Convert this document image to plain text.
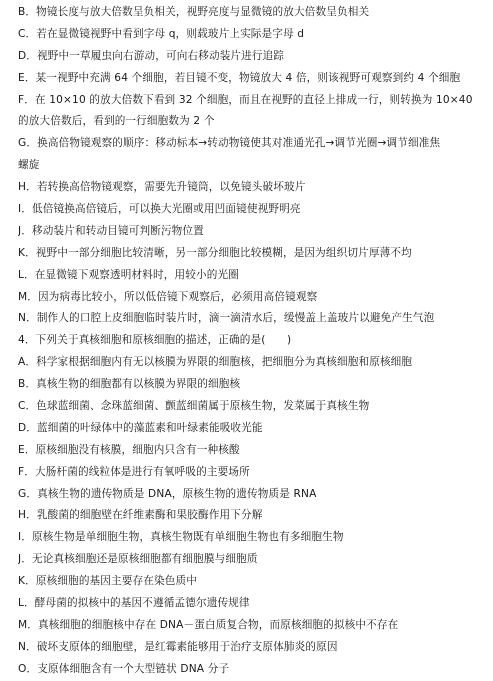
B．物镜长度与放大倍数呈负相关，视野亮度与显微镜的放大倍数呈负相关
C．若在显微镜视野中看到字母 q，则载玻片上实际是字母 d
D．视野中一草履虫向右游动，可向右移动装片进行追踪
E．某一视野中充满 64 个细胞，若目镜不变，物镜放大 4 倍，则该视野可观察到约 4 个细胞
F．在 10×10 的放大倍数下看到 32 个细胞，而且在视野的直径上排成一行，则转换为 10×40
的放大倍数后，看到的一行细胞数为 2 个
G．换高倍物镜观察的顺序：移动标本→转动物镜使其对准通光孔→调节光圈→调节细准焦
螺旋
H．若转换高倍物镜观察，需要先升镜筒，以免镜头破坏玻片
I．低倍镜换高倍镜后，可以换大光圈或用凹面镜使视野明亮
J．移动装片和转动目镜可判断污物位置
K．视野中一部分细胞比较清晰，另一部分细胞比较模糊，是因为组织切片厚薄不均
L．在显微镜下观察透明材料时，用较小的光圈
M．因为病毒比较小，所以低倍镜下观察后，必须用高倍镜观察
N．制作人的口腔上皮细胞临时装片时，滴一滴清水后，缓慢盖上盖玻片以避免产生气泡
4．下列关于真核细胞和原核细胞的描述，正确的是(　　)
A．科学家根据细胞内有无以核膜为界限的细胞核，把细胞分为真核细胞和原核细胞
B．真核生物的细胞都有以核膜为界限的细胞核
C．色球蓝细菌、念珠蓝细菌、颤蓝细菌属于原核生物，发菜属于真核生物
D．蓝细菌的叶绿体中的藻蓝素和叶绿素能吸收光能
E．原核细胞没有核膜，细胞内只含有一种核酸
F．大肠杆菌的线粒体是进行有氧呼吸的主要场所
G．真核生物的遗传物质是 DNA，原核生物的遗传物质是 RNA
H．乳酸菌的细胞壁在纤维素酶和果胶酶作用下分解
I．原核生物是单细胞生物，真核生物既有单细胞生物也有多细胞生物
J．无论真核细胞还是原核细胞都有细胞膜与细胞质
K．原核细胞的基因主要存在染色质中
L．酵母菌的拟核中的基因不遵循孟德尔遗传规律
M．真核细胞的细胞核中存在 DNA－蛋白质复合物，而原核细胞的拟核中不存在
N．破坏支原体的细胞壁，是红霉素能够用于治疗支原体肺炎的原因
O．支原体细胞含有一个大型链状 DNA 分子
